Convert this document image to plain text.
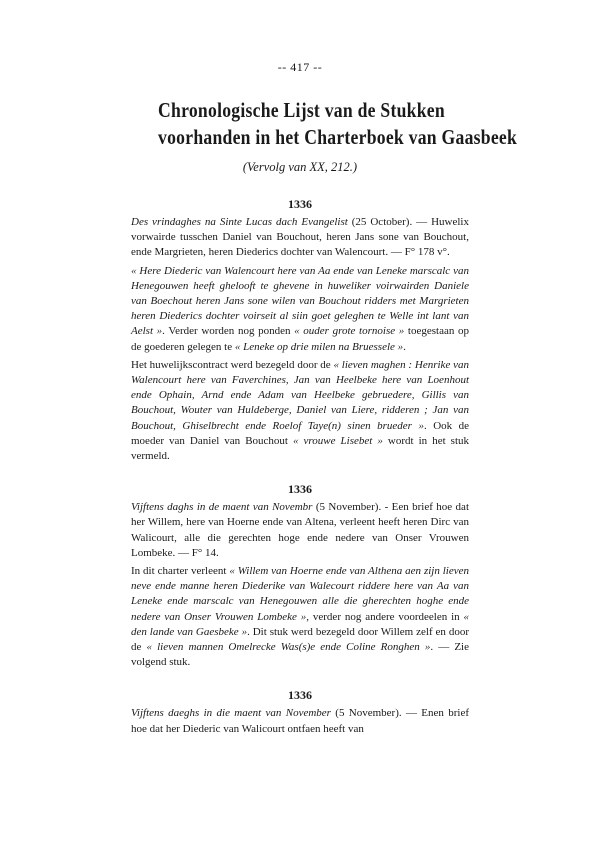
-- 417 --
Chronologische Lijst van de Stukken
voorhanden in het Charterboek van Gaasbeek
(Vervolg van XX, 212.)
1336

Des vrindaghes na Sinte Lucas dach Evangelist (25 October). — Huwelix vorwairde tusschen Daniel van Bouchout, heren Jans sone van Bouchout, ende Margrieten, heren Diederics dochter van Walencourt. — F° 178 v°.

« Here Diederic van Walencourt here van Aa ende van Leneke marscalc van Henegouwen heeft ghelooft te ghevene in huweliker voirwairden Daniele van Boechout heren Jans sone wilen van Bouchout ridders met Margrieten heren Diederics dochter voirseit al siin goet geleghen te Welle int lant van Aelst ». Verder worden nog ponden « ouder grote tornoise » toegestaan op de goederen gelegen te « Leneke op drie milen na Bruessele ».

Het huwelijkscontract werd bezegeld door de « lieven maghen : Henrike van Walencourt here van Faverchines, Jan van Heelbeke here van Loenhout ende Ophain, Arnd ende Adam van Heelbeke gebruedere, Gillis van Bouchout, Wouter van Huldeberge, Daniel van Liere, ridderen ; Jan van Bouchout, Ghiselbrecht ende Roelof Taye(n) sinen brueder ». Ook de moeder van Daniel van Bouchout « vrouwe Lisebet » wordt in het stuk vermeld.

1336

Vijftens daghs in de maent van Novembr (5 November). - Een brief hoe dat her Willem, here van Hoerne ende van Altena, verleent heeft heren Dirc van Walicourt, alle die gerechten hoge ende nedere van Onser Vrouwen Lombeke. — F° 14.

In dit charter verleent « Willem van Hoerne ende van Althena aen zijn lieven neve ende manne heren Diederike van Walecourt riddere here van Aa van Leneke ende marscalc van Henegouwen alle die gherechten hoghe ende nedere van Onser Vrouwen Lombeke », verder nog andere voordeelen in « den lande van Gaesbeke ». Dit stuk werd bezegeld door Willem zelf en door de « lieven mannen Omelrecke Was(s)e ende Coline Ronghen ». — Zie volgend stuk.

1336

Vijftens daeghs in die maent van November (5 November). — Enen brief hoe dat her Diederic van Walicourt ontfaen heeft van
